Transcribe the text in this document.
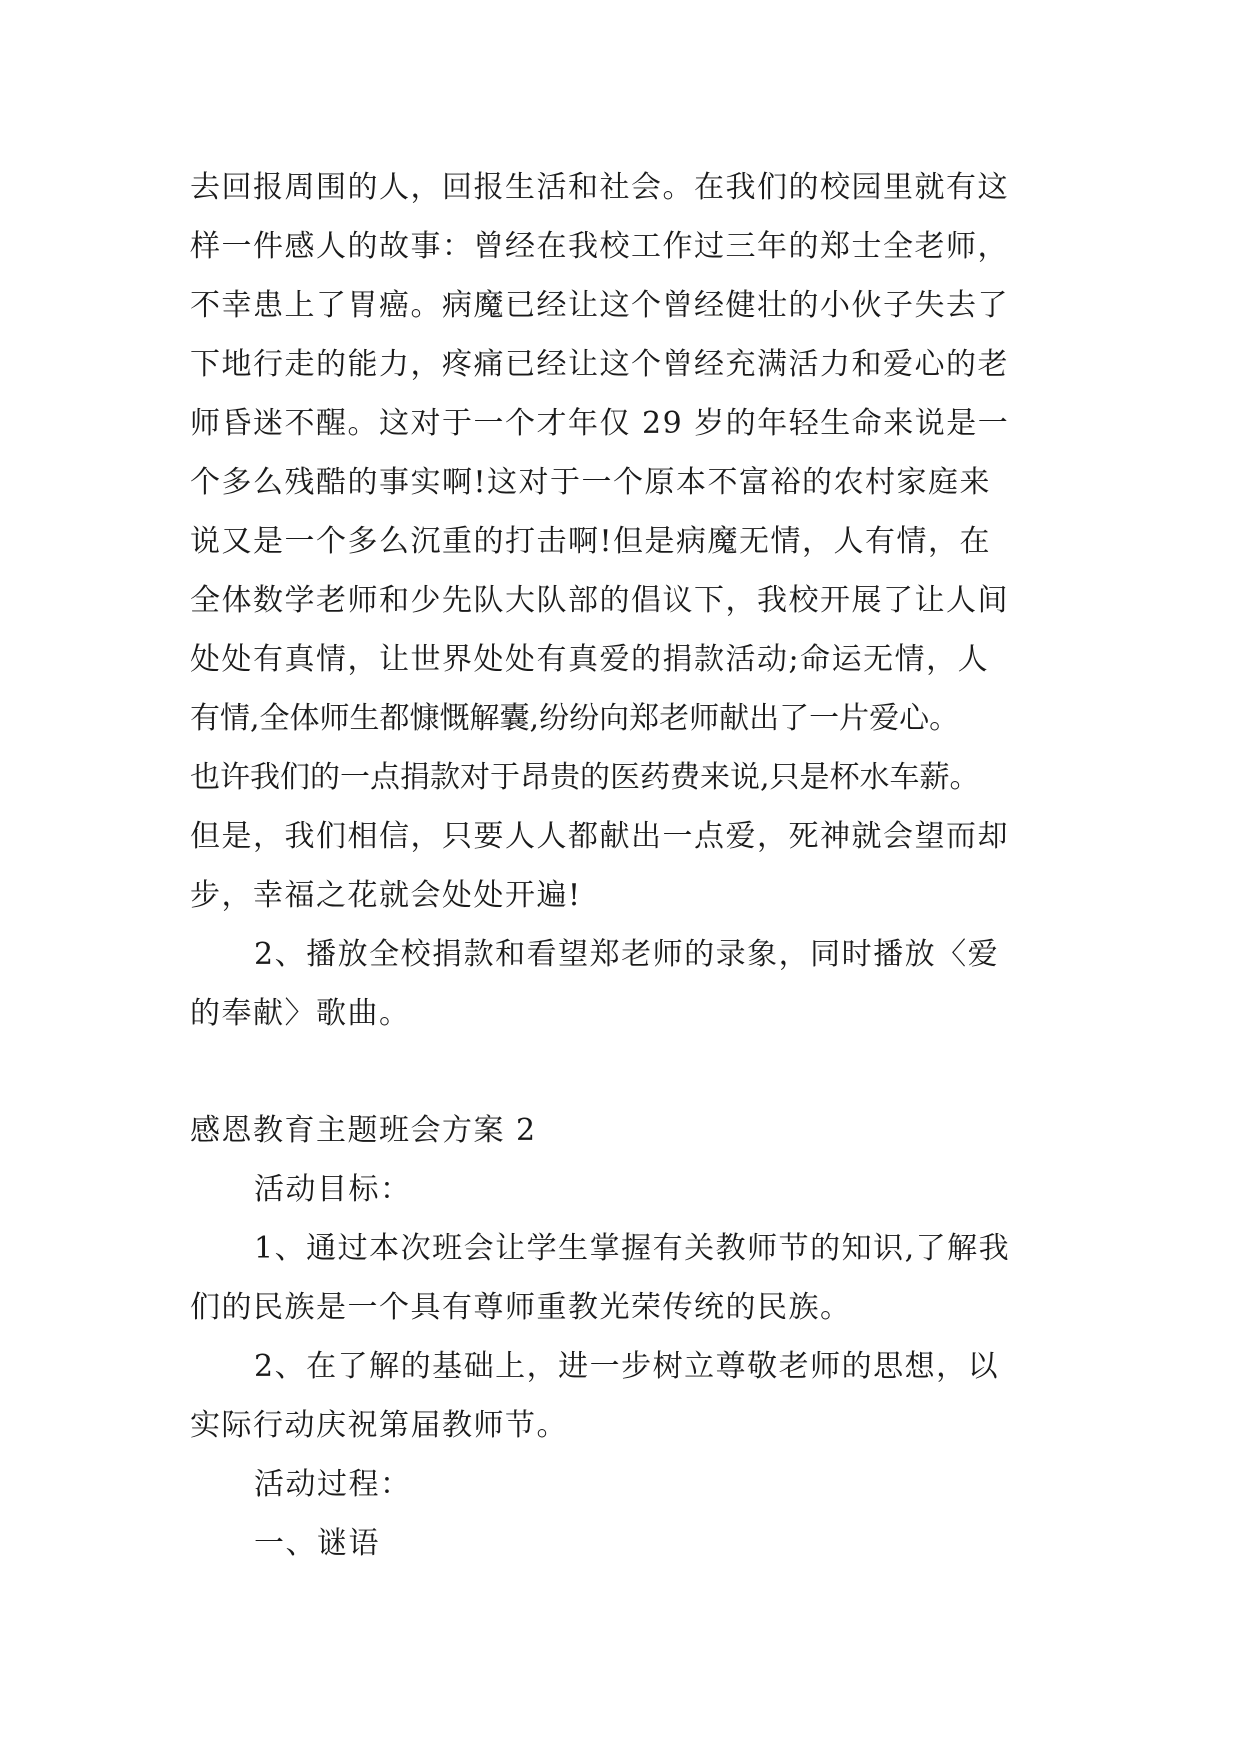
去回报周围的人，回报生活和社会。在我们的校园里就有这
样一件感人的故事：曾经在我校工作过三年的郑士全老师，
不幸患上了胃癌。病魔已经让这个曾经健壮的小伙子失去了
下地行走的能力，疼痛已经让这个曾经充满活力和爱心的老
师昏迷不醒。这对于一个才年仅 29 岁的年轻生命来说是一
个多么残酷的事实啊!这对于一个原本不富裕的农村家庭来
说又是一个多么沉重的打击啊!但是病魔无情，人有情，在
全体数学老师和少先队大队部的倡议下，我校开展了让人间
处处有真情，让世界处处有真爱的捐款活动;命运无情，人
有情,全体师生都慷慨解囊,纷纷向郑老师献出了一片爱心。
也许我们的一点捐款对于昂贵的医药费来说,只是杯水车薪。
但是，我们相信，只要人人都献出一点爱，死神就会望而却
步，幸福之花就会处处开遍!
2、播放全校捐款和看望郑老师的录象，同时播放〈爱
的奉献〉歌曲。
感恩教育主题班会方案 2
活动目标：
1、通过本次班会让学生掌握有关教师节的知识,了解我
们的民族是一个具有尊师重教光荣传统的民族。
2、在了解的基础上，进一步树立尊敬老师的思想，以
实际行动庆祝第届教师节。
活动过程：
一、谜语
